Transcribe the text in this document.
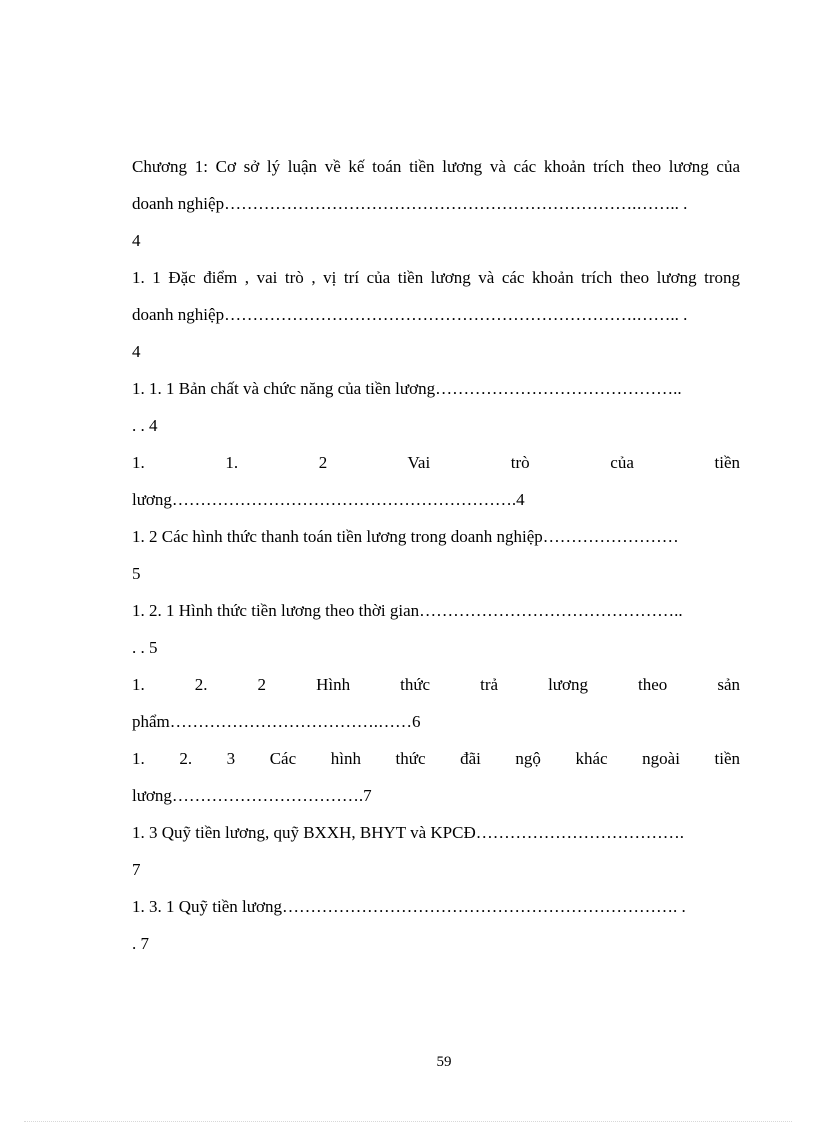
Chương 1: Cơ sở lý luận về kế toán tiền lương và các khoản trích theo lương của
doanh nghiệp……………………………………………………………….…….. .
4
1. 1 Đặc điểm , vai trò , vị trí của tiền lương và các khoản trích theo lương trong
doanh nghiệp……………………………………………………………….…….. .
4
1. 1. 1 Bản chất và chức năng của tiền lương……………………………………..
. . 4
1. 1. 2 Vai trò của tiền
lương…………………………………………………….4
1. 2 Các hình thức thanh toán tiền lương trong doanh nghiệp……………………
5
1. 2. 1 Hình thức tiền lương theo thời gian………………………………………..
. . 5
1. 2. 2 Hình thức trả lương theo sản
phẩm……………………………….……6
1. 2. 3 Các hình thức đãi ngộ khác ngoài tiền
lương…………………………….7
1. 3 Quỹ tiền lương, quỹ BXXH, BHYT và KPCĐ……………………………….
7
1. 3. 1 Quỹ tiền lương……………………………………………………………. .
. 7
59
